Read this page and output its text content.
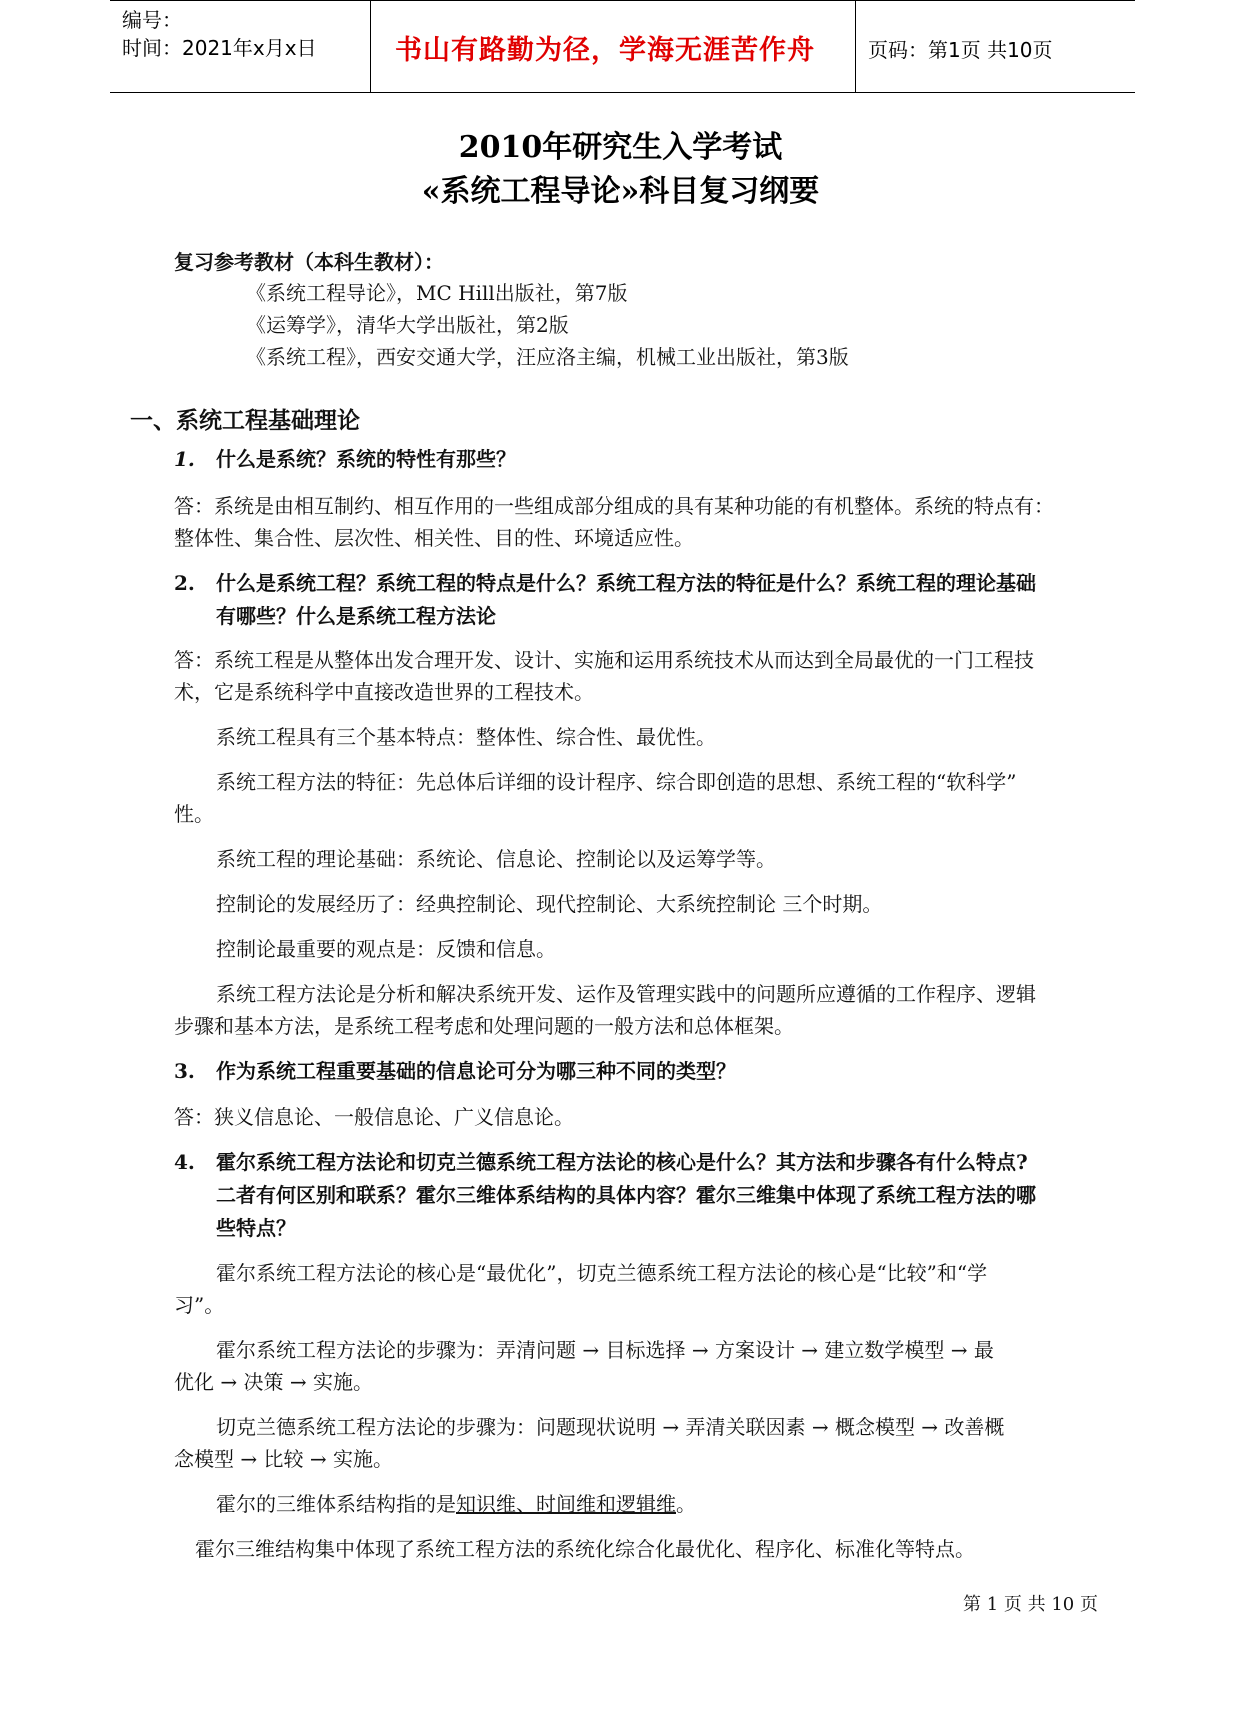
编号：
时间：2021年x月x日	书山有路勤为径，学海无涯苦作舟	页码：第1页 共10页
2010年研究生入学考试
«系统工程导论»科目复习纲要
复习参考教材（本科生教材）：
《系统工程导论》，MC Hill出版社，第7版
《运筹学》，清华大学出版社，第2版
《系统工程》，西安交通大学，汪应洛主编，机械工业出版社，第3版
一、系统工程基础理论
1. 什么是系统？系统的特性有那些？
答：系统是由相互制约、相互作用的一些组成部分组成的具有某种功能的有机整体。系统的特点有：
整体性、集合性、层次性、相关性、目的性、环境适应性。
2. 什么是系统工程？系统工程的特点是什么？系统工程方法的特征是什么？系统工程的理论基础
有哪些？什么是系统工程方法论
答：系统工程是从整体出发合理开发、设计、实施和运用系统技术从而达到全局最优的一门工程技
术，它是系统科学中直接改造世界的工程技术。
系统工程具有三个基本特点：整体性、综合性、最优性。
系统工程方法的特征：先总体后详细的设计程序、综合即创造的思想、系统工程的“软科学”
性。
系统工程的理论基础：系统论、信息论、控制论以及运筹学等。
控制论的发展经历了：经典控制论、现代控制论、大系统控制论 三个时期。
控制论最重要的观点是：反馈和信息。
系统工程方法论是分析和解决系统开发、运作及管理实践中的问题所应遵循的工作程序、逻辑
步骤和基本方法，是系统工程考虑和处理问题的一般方法和总体框架。
3. 作为系统工程重要基础的信息论可分为哪三种不同的类型？
答：狭义信息论、一般信息论、广义信息论。
4. 霍尔系统工程方法论和切克兰德系统工程方法论的核心是什么？其方法和步骤各有什么特点?
二者有何区别和联系？霍尔三维体系结构的具体内容？霍尔三维集中体现了系统工程方法的哪
些特点？
霍尔系统工程方法论的核心是“最优化”，切克兰德系统工程方法论的核心是“比较”和“学
习”。
霍尔系统工程方法论的步骤为：弄清问题 → 目标选择 → 方案设计 → 建立数学模型 → 最
优化 → 决策 → 实施。
切克兰德系统工程方法论的步骤为：问题现状说明 → 弄清关联因素 → 概念模型 → 改善概
念模型 → 比较 → 实施。
霍尔的三维体系结构指的是知识维、时间维和逻辑维。
霍尔三维结构集中体现了系统工程方法的系统化综合化最优化、程序化、标准化等特点。
第 1 页 共 10 页
